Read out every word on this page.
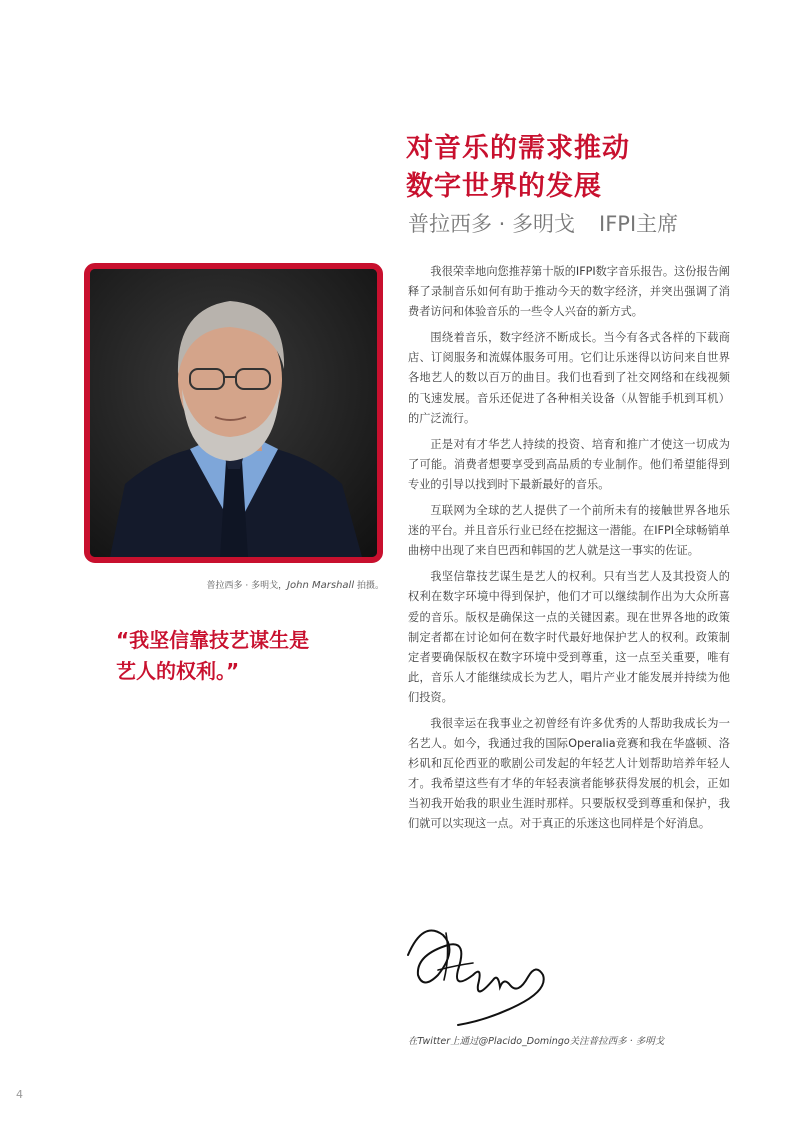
对音乐的需求推动
数字世界的发展
普拉西多 · 多明戈 IFPI主席
普拉西多 · 多明戈，John Marshall 拍摄。
“我坚信靠技艺谋生是
艺人的权利。”

我很荣幸地向您推荐第十版的IFPI数字音乐报告。这份报告阐释了录制音乐如何有助于推动今天的数字经济，并突出强调了消费者访问和体验音乐的一些令人兴奋的新方式。

围绕着音乐，数字经济不断成长。当今有各式各样的下载商店、订阅服务和流媒体服务可用。它们让乐迷得以访问来自世界各地艺人的数以百万的曲目。我们也看到了社交网络和在线视频的飞速发展。音乐还促进了各种相关设备（从智能手机到耳机）的广泛流行。

正是对有才华艺人持续的投资、培育和推广才使这一切成为了可能。消费者想要享受到高品质的专业制作。他们希望能得到专业的引导以找到时下最新最好的音乐。

互联网为全球的艺人提供了一个前所未有的接触世界各地乐迷的平台。并且音乐行业已经在挖掘这一潜能。在IFPI全球畅销单曲榜中出现了来自巴西和韩国的艺人就是这一事实的佐证。

我坚信靠技艺谋生是艺人的权利。只有当艺人及其投资人的权利在数字环境中得到保护，他们才可以继续制作出为大众所喜爱的音乐。版权是确保这一点的关键因素。现在世界各地的政策制定者都在讨论如何在数字时代最好地保护艺人的权利。政策制定者要确保版权在数字环境中受到尊重，这一点至关重要，唯有此，音乐人才能继续成长为艺人，唱片产业才能发展并持续为他们投资。

我很幸运在我事业之初曾经有许多优秀的人帮助我成长为一名艺人。如今，我通过我的国际Operalia竞赛和我在华盛顿、洛杉矶和瓦伦西亚的歌剧公司发起的年轻艺人计划帮助培养年轻人才。我希望这些有才华的年轻表演者能够获得发展的机会，正如当初我开始我的职业生涯时那样。只要版权受到尊重和保护，我们就可以实现这一点。对于真正的乐迷这也同样是个好消息。

在Twitter上通过@Placido_Domingo关注普拉西多 · 多明戈
4
